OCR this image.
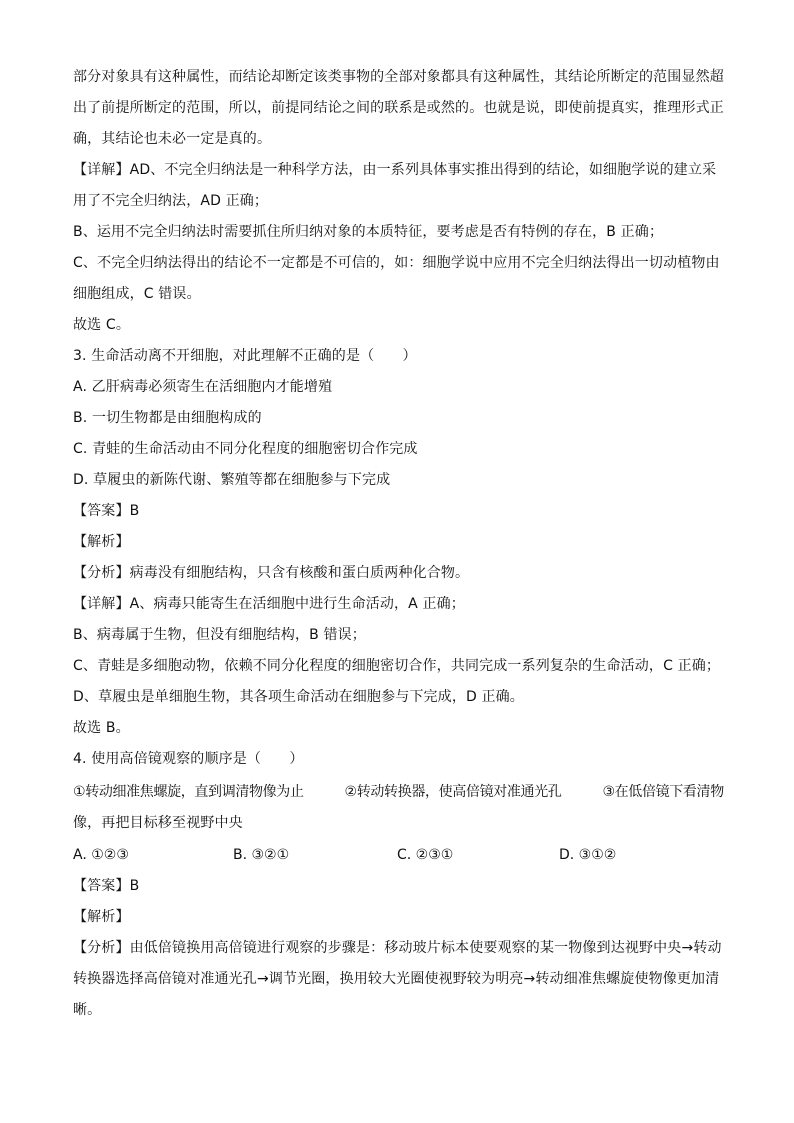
部分对象具有这种属性，而结论却断定该类事物的全部对象都具有这种属性，其结论所断定的范围显然超

出了前提所断定的范围，所以，前提同结论之间的联系是或然的。也就是说，即使前提真实，推理形式正

确，其结论也未必一定是真的。

【详解】AD、不完全归纳法是一种科学方法，由一系列具体事实推出得到的结论，如细胞学说的建立采

用了不完全归纳法，AD 正确；

B、运用不完全归纳法时需要抓住所归纳对象的本质特征，要考虑是否有特例的存在，B 正确；

C、不完全归纳法得出的结论不一定都是不可信的，如：细胞学说中应用不完全归纳法得出一切动植物由

细胞组成，C 错误。

故选 C。

3. 生命活动离不开细胞，对此理解不正确的是（　　）

A. 乙肝病毒必须寄生在活细胞内才能增殖

B. 一切生物都是由细胞构成的

C. 青蛙的生命活动由不同分化程度的细胞密切合作完成

D. 草履虫的新陈代谢、繁殖等都在细胞参与下完成

【答案】B

【解析】

【分析】病毒没有细胞结构，只含有核酸和蛋白质两种化合物。

【详解】A、病毒只能寄生在活细胞中进行生命活动，A 正确；

B、病毒属于生物，但没有细胞结构，B 错误；

C、青蛙是多细胞动物，依赖不同分化程度的细胞密切合作，共同完成一系列复杂的生命活动，C 正确；

D、草履虫是单细胞生物，其各项生命活动在细胞参与下完成，D 正确。

故选 B。

4. 使用高倍镜观察的顺序是（　　）

①转动细准焦螺旋，直到调清物像为止　　　②转动转换器，使高倍镜对准通光孔　　　③在低倍镜下看清物

像，再把目标移至视野中央

A. ①②③	B. ③②①	C. ②③①	D. ③①②

【答案】B

【解析】

【分析】由低倍镜换用高倍镜进行观察的步骤是：移动玻片标本使要观察的某一物像到达视野中央→转动

转换器选择高倍镜对准通光孔→调节光圈，换用较大光圈使视野较为明亮→转动细准焦螺旋使物像更加清

晰。
